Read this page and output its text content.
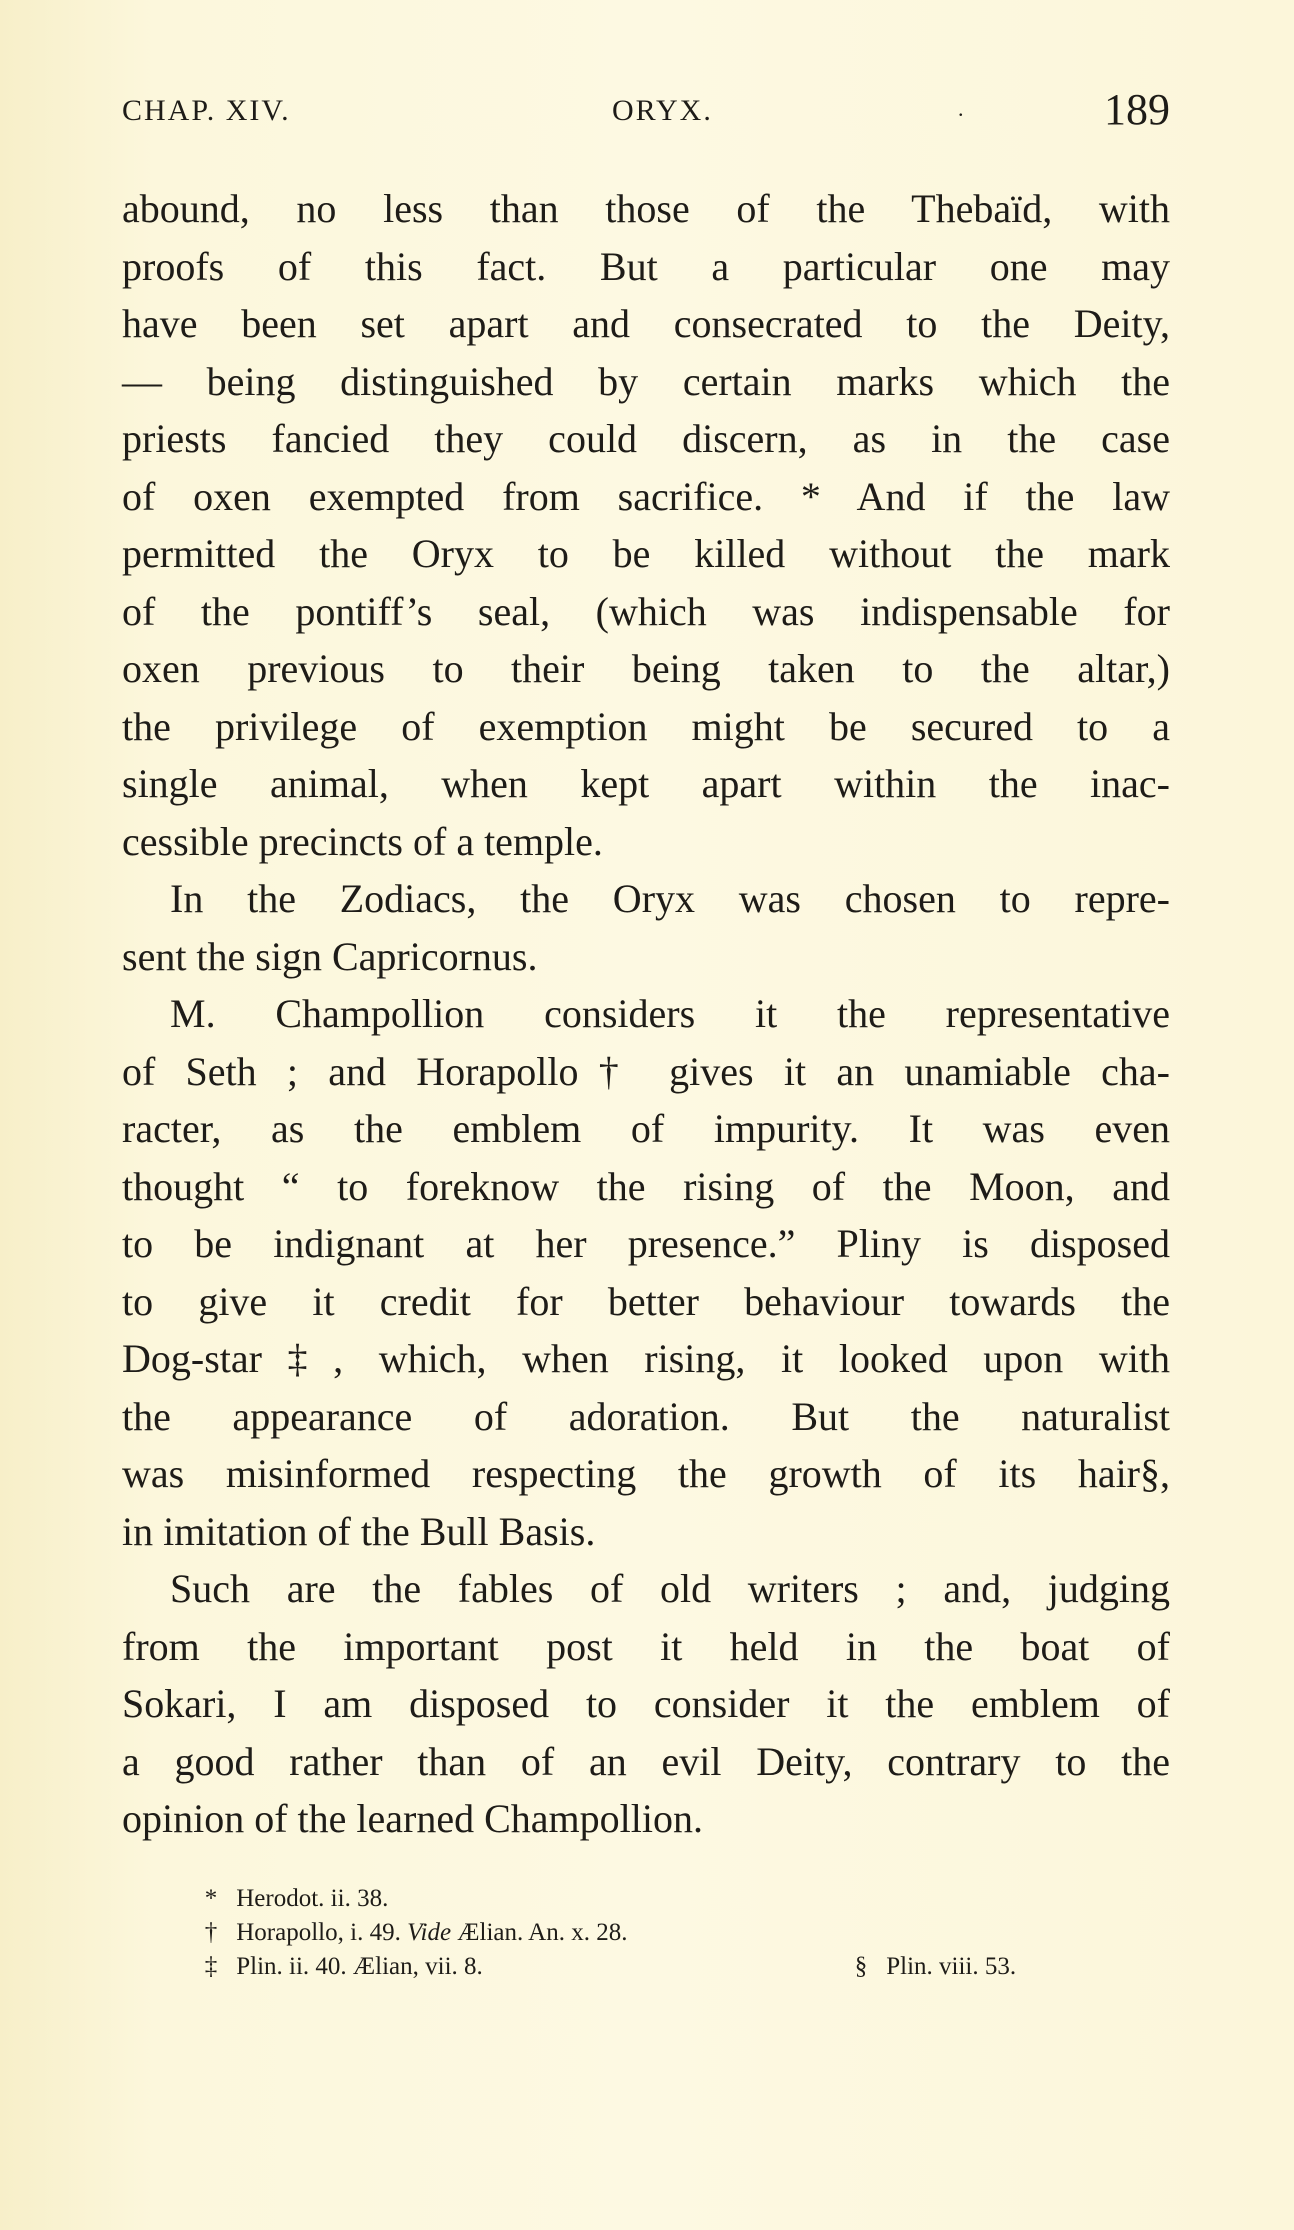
CHAP. XIV.	ORYX.	.	189
abound, no less than those of the Thebaïd, with
proofs of this fact. But a particular one may
have been set apart and consecrated to the Deity,
— being distinguished by certain marks which the
priests fancied they could discern, as in the case
of oxen exempted from sacrifice. * And if the law
permitted the Oryx to be killed without the mark
of the pontiff’s seal, (which was indispensable for
oxen previous to their being taken to the altar,)
the privilege of exemption might be secured to a
single animal, when kept apart within the inac-
cessible precincts of a temple.
In the Zodiacs, the Oryx was chosen to repre-
sent the sign Capricornus.
M. Champollion considers it the representative
of Seth ; and Horapollo† gives it an unamiable cha-
racter, as the emblem of impurity. It was even
thought “ to foreknow the rising of the Moon, and
to be indignant at her presence.” Pliny is disposed
to give it credit for better behaviour towards the
Dog-star‡, which, when rising, it looked upon with
the appearance of adoration. But the naturalist
was misinformed respecting the growth of its hair§,
in imitation of the Bull Basis.
Such are the fables of old writers ; and, judging
from the important post it held in the boat of
Sokari, I am disposed to consider it the emblem of
a good rather than of an evil Deity, contrary to the
opinion of the learned Champollion.
* Herodot. ii. 38.
† Horapollo, i. 49. Vide Ælian. An. x. 28.
‡ Plin. ii. 40. Ælian, vii. 8.	§ Plin. viii. 53.
